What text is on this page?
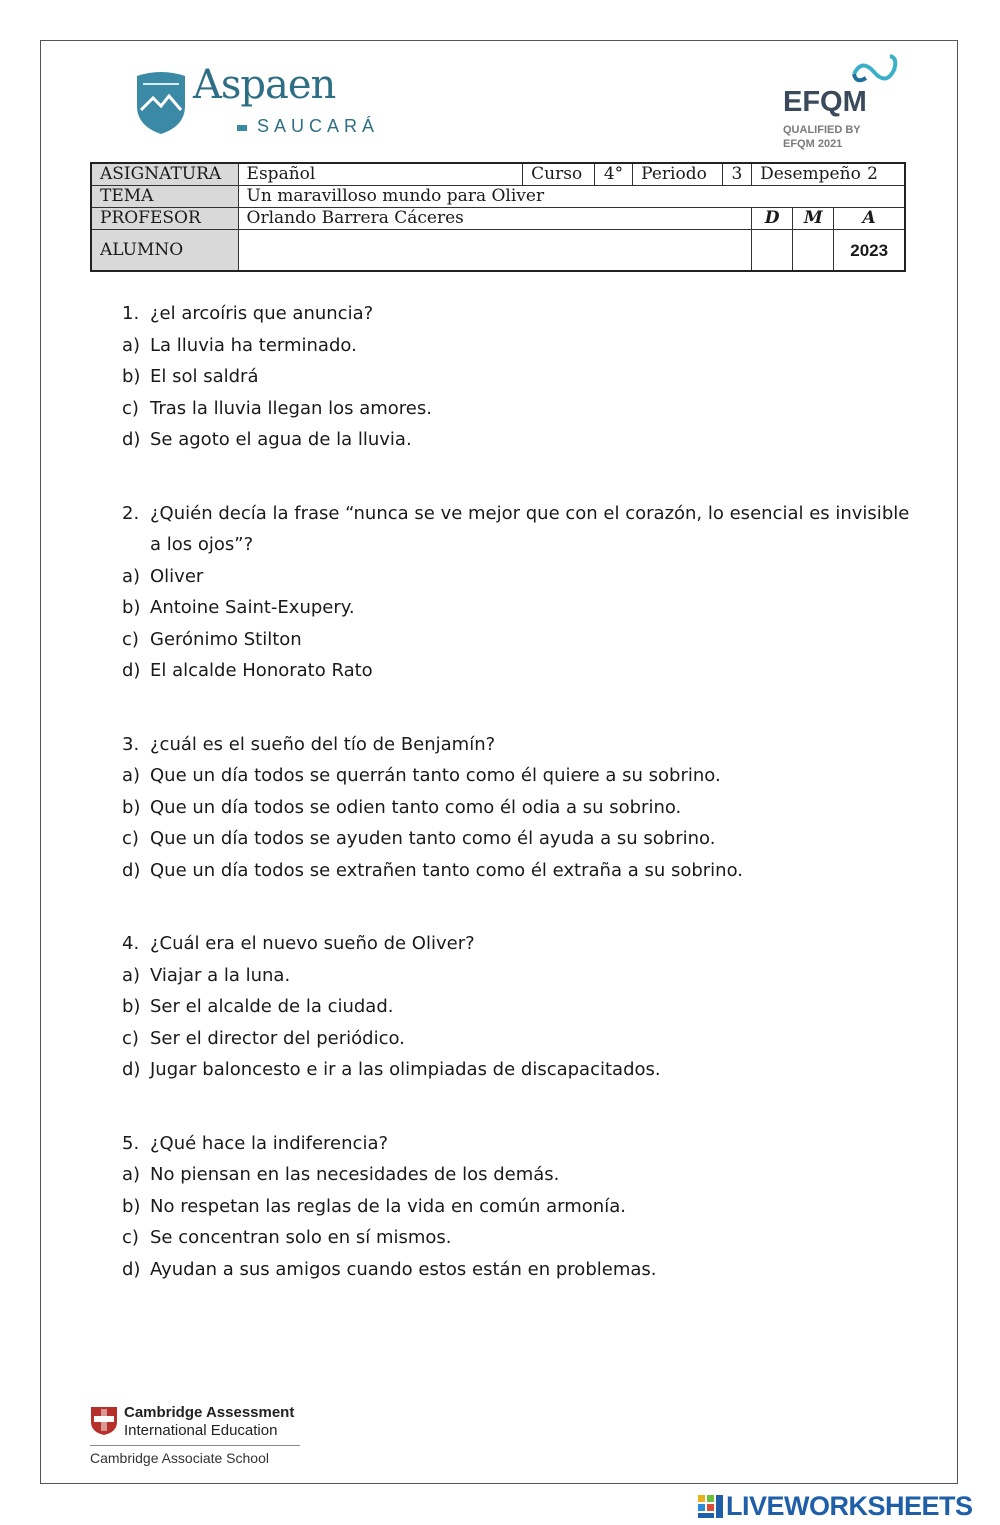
Aspaen
SAUCARÁ
EFQM
QUALIFIED BY
EFQM 2021
ASIGNATURA	Español	Curso	4°	Periodo	3	Desempeño 2		

TEMA	Un maravilloso mundo para Oliver							
PROFESOR	Orlando Barrera Cáceres					D	M	A
ALUMNO								2023
1. ¿el arcoíris que anuncia?
a) La lluvia ha terminado.
b) El sol saldrá
c) Tras la lluvia llegan los amores.
d) Se agoto el agua de la lluvia.
2. ¿Quién decía la frase “nunca se ve mejor que con el corazón, lo esencial es invisible a los ojos”?
a) Oliver
b) Antoine Saint-Exupery.
c) Gerónimo Stilton
d) El alcalde Honorato Rato
3. ¿cuál es el sueño del tío de Benjamín?
a) Que un día todos se querrán tanto como él quiere a su sobrino.
b) Que un día todos se odien tanto como él odia a su sobrino.
c) Que un día todos se ayuden tanto como él ayuda a su sobrino.
d) Que un día todos se extrañen tanto como él extraña a su sobrino.
4. ¿Cuál era el nuevo sueño de Oliver?
a) Viajar a la luna.
b) Ser el alcalde de la ciudad.
c) Ser el director del periódico.
d) Jugar baloncesto e ir a las olimpiadas de discapacitados.
5. ¿Qué hace la indiferencia?
a) No piensan en las necesidades de los demás.
b) No respetan las reglas de la vida en común armonía.
c) Se concentran solo en sí mismos.
d) Ayudan a sus amigos cuando estos están en problemas.
Cambridge Assessment
International Education
Cambridge Associate School
LIVEWORKSHEETS
